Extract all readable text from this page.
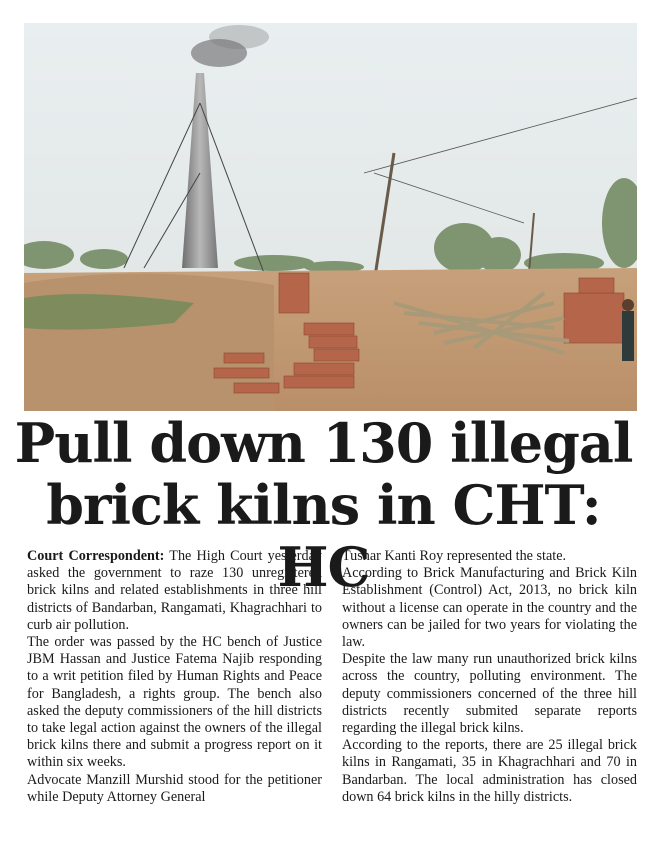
Pull down 130 illegal
brick kilns in CHT: HC

Court Correspondent: The High Court yesterday asked the government to raze 130 unregistered brick kilns and related establishments in three hill districts of Bandarban, Rangamati, Khagrachhari to curb air pollution.

The order was passed by the HC bench of Justice JBM Hassan and Justice Fatema Najib responding to a writ petition filed by Human Rights and Peace for Bangladesh, a rights group. The bench also asked the deputy commissioners of the hill districts to take legal action against the owners of the illegal brick kilns there and submit a progress report on it within six weeks.

Advocate Manzill Murshid stood for the petitioner while Deputy Attorney General

Tushar Kanti Roy represented the state.

According to Brick Manufacturing and Brick Kiln Establishment (Control) Act, 2013, no brick kiln without a license can operate in the country and the owners can be jailed for two years for violating the law.

Despite the law many run unauthorized brick kilns across the country, polluting environment. The deputy commissioners concerned of the three hill districts recently submited separate reports regarding the illegal brick kilns.

According to the reports, there are 25 illegal brick kilns in Rangamati, 35 in Khagrachhari and 70 in Bandarban. The local administration has closed down 64 brick kilns in the hilly districts.
